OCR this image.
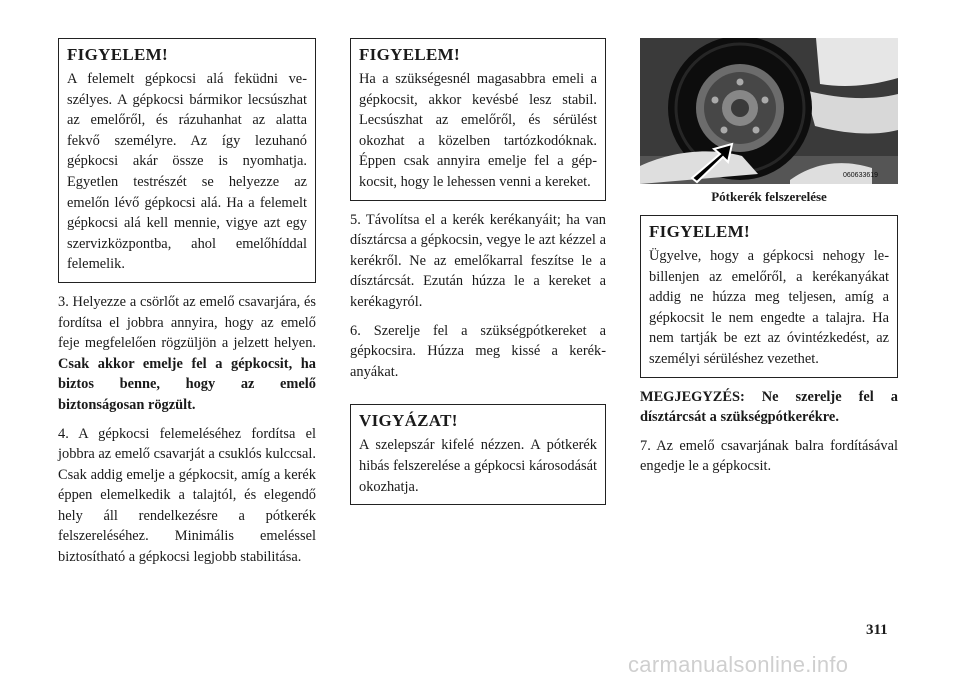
FIGYELEM!
A felemelt gépkocsi alá feküdni veszélyes. A gépkocsi bármikor lecsúszhat az emelőről, és rázuhanhat az alatta fekvő személyre. Az így lezuhanó gépkocsi akár össze is nyomhatja. Egyetlen testrészét se helyezze az emelőn lévő gépkocsi alá. Ha a felemelt gépkocsi alá kell mennie, vigye azt egy szervizközpontba, ahol emelőhíddal felemelik.

3. Helyezze a csörlőt az emelő csavarjára, és fordítsa el jobbra annyira, hogy az emelő feje megfelelően rögzüljön a jelzett helyen. Csak akkor emelje fel a gépkocsit, ha biztos benne, hogy az emelő biztonságosan rögzült.

4. A gépkocsi felemeléséhez fordítsa el jobbra az emelő csavarját a csuklós kulccsal. Csak addig emelje a gépkocsit, amíg a kerék éppen elemelkedik a talajtól, és elegendő hely áll rendelkezésre a pótkerék felszereléséhez. Minimális emeléssel biztosítható a gépkocsi legjobb stabilitása.

FIGYELEM!
Ha a szükségesnél magasabbra emeli a gépkocsit, akkor kevésbé lesz stabil. Lecsúszhat az emelőről, és sérülést okozhat a közelben tartózkodóknak. Éppen csak annyira emelje fel a gépkocsit, hogy le lehessen venni a kereket.

5. Távolítsa el a kerék kerékanyáit; ha van dísztárcsa a gépkocsin, vegye le azt kézzel a kerékről. Ne az emelőkarral feszítse le a dísztárcsát. Ezután húzza le a kereket a kerékagyról.

6. Szerelje fel a szükségpótkereket a gépkocsira. Húzza meg kissé a kerékanyákat.

VIGYÁZAT!
A szelepszár kifelé nézzen. A pótkerék hibás felszerelése a gépkocsi károsodását okozhatja.
060633619
Pótkerék felszerelése
FIGYELEM!
Ügyelve, hogy a gépkocsi nehogy lebillenjen az emelőről, a kerékanyákat addig ne húzza meg teljesen, amíg a gépkocsit le nem engedte a talajra. Ha nem tartják be ezt az óvintézkedést, az személyi sérüléshez vezethet.

MEGJEGYZÉS: Ne szerelje fel a dísztárcsát a szükségpótkerékre.

7. Az emelő csavarjának balra fordításával engedje le a gépkocsit.

311
carmanualsonline.info
